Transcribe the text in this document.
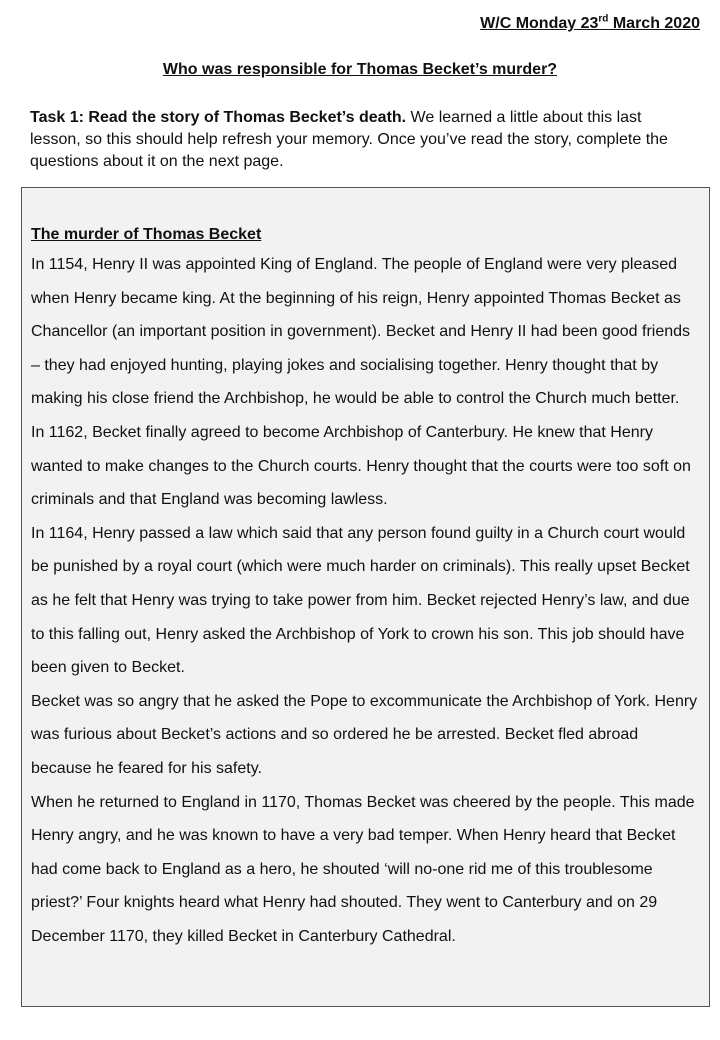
W/C Monday 23rd March 2020
Who was responsible for Thomas Becket’s murder?
Task 1: Read the story of Thomas Becket’s death. We learned a little about this last lesson, so this should help refresh your memory. Once you’ve read the story, complete the questions about it on the next page.

The murder of Thomas Becket

In 1154, Henry II was appointed King of England. The people of England were very pleased when Henry became king. At the beginning of his reign, Henry appointed Thomas Becket as Chancellor (an important position in government). Becket and Henry II had been good friends – they had enjoyed hunting, playing jokes and socialising together. Henry thought that by making his close friend the Archbishop, he would be able to control the Church much better.

In 1162, Becket finally agreed to become Archbishop of Canterbury. He knew that Henry wanted to make changes to the Church courts. Henry thought that the courts were too soft on criminals and that England was becoming lawless.

In 1164, Henry passed a law which said that any person found guilty in a Church court would be punished by a royal court (which were much harder on criminals). This really upset Becket as he felt that Henry was trying to take power from him. Becket rejected Henry’s law, and due to this falling out, Henry asked the Archbishop of York to crown his son. This job should have been given to Becket.

Becket was so angry that he asked the Pope to excommunicate the Archbishop of York. Henry was furious about Becket’s actions and so ordered he be arrested. Becket fled abroad because he feared for his safety.

When he returned to England in 1170, Thomas Becket was cheered by the people. This made Henry angry, and he was known to have a very bad temper. When Henry heard that Becket had come back to England as a hero, he shouted ‘will no-one rid me of this troublesome priest?’ Four knights heard what Henry had shouted. They went to Canterbury and on 29 December 1170, they killed Becket in Canterbury Cathedral.
